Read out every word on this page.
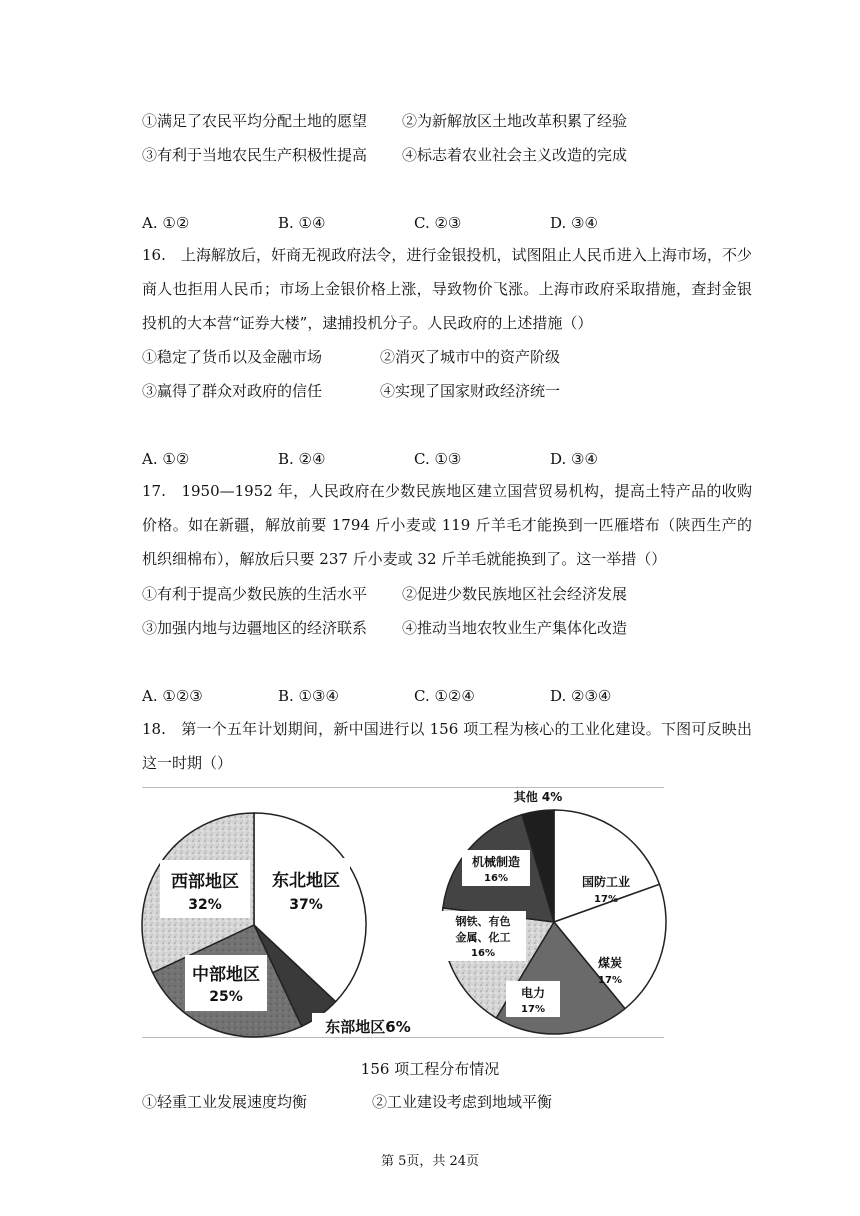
①满足了农民平均分配土地的愿望 ②为新解放区土地改革积累了经验
③有利于当地农民生产积极性提高 ④标志着农业社会主义改造的完成
A. ①②	B. ①④	C. ②③	D. ③④
16.　上海解放后，奸商无视政府法令，进行金银投机，试图阻止人民币进入上海市场，不少商人也拒用人民币；市场上金银价格上涨，导致物价飞涨。上海市政府采取措施，查封金银投机的大本营“证券大楼”，逮捕投机分子。人民政府的上述措施（）
①稳定了货币以及金融市场	②消灭了城市中的资产阶级
③赢得了群众对政府的信任	④实现了国家财政经济统一
A. ①②	B. ②④	C. ①③	D. ③④
17.　1950—1952 年，人民政府在少数民族地区建立国营贸易机构，提高土特产品的收购价格。如在新疆，解放前要 1794 斤小麦或 119 斤羊毛才能换到一匹雁塔布（陕西生产的机织细棉布），解放后只要 237 斤小麦或 32 斤羊毛就能换到了。这一举措（）
①有利于提高少数民族的生活水平 ②促进少数民族地区社会经济发展
③加强内地与边疆地区的经济联系 ④推动当地农牧业生产集体化改造
A. ①②③	B. ①③④	C. ①②④	D. ②③④
18.　第一个五年计划期间，新中国进行以 156 项工程为核心的工业化建设。下图可反映出这一时期（）
东北地区
37%
西部地区
32%
中部地区
25%
东部地区6%
其他 4%
机械制造
16%	国防工业
17%
钢铁、有色
金属、化工
16%
煤炭
17%
电力
17%
156 项工程分布情况
①轻重工业发展速度均衡	②工业建设考虑到地域平衡
第 5页，共 24页
